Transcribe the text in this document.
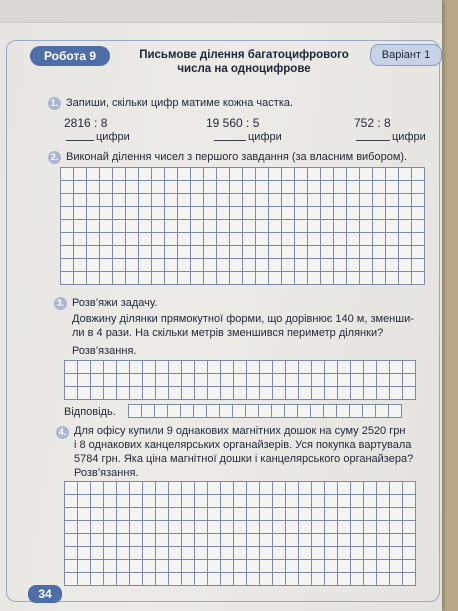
Робота 9	Письмове ділення багатоцифрового числа на одноцифрове
Варіант 1
1. Запиши, скільки цифр матиме кожна частка.
2816 : 8	19 560 : 5	752 : 8
цифри	цифри	цифри
2. Виконай ділення чисел з першого завдання (за власним вибором).
3. Розв’яжи задачу.
Довжину ділянки прямокутної форми, що дорівнює 140 м, зменши-
ли в 4 рази. На скільки метрів зменшився периметр ділянки?
Розв’язання.
Відповідь.
4. Для офісу купили 9 однакових магнітних дошок на суму 2520 грн
і 8 однакових канцелярських органайзерів. Уся покупка вартувала
5784 грн. Яка ціна магнітної дошки і канцелярського органайзера?
Розв’язання.
34
